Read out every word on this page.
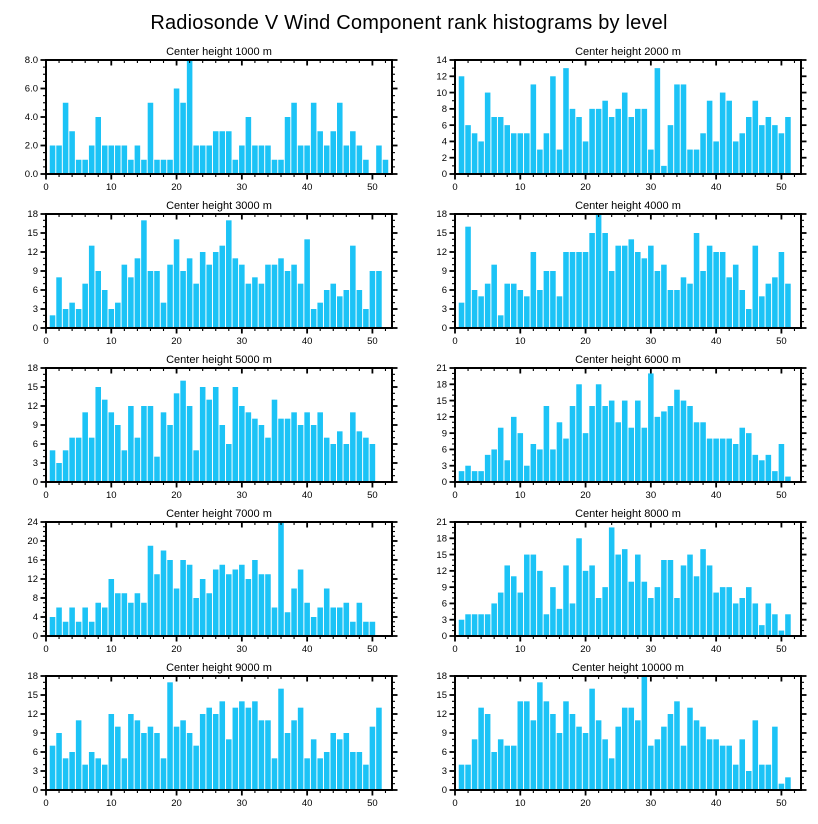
Radiosonde V Wind Component rank histograms by level
Center height 1000 m
0	10	20	30	40	50
0.0
2.0
4.0
6.0
8.0
Center height 2000 m
0	10	20	30	40	50
0
2
4
6
8
10
12
14
Center height 3000 m
0	10	20	30	40	50
0
3
6
9
12
15
18
Center height 4000 m
0	10	20	30	40	50
0
3
6
9
12
15
18
Center height 5000 m
0	10	20	30	40	50
0
3
6
9
12
15
18
Center height 6000 m
0	10	20	30	40	50
0
3
6
9
12
15
18
21
Center height 7000 m
0	10	20	30	40	50
0
4
8
12
16
20
24
Center height 8000 m
0	10	20	30	40	50
0
3
6
9
12
15
18
21
Center height 9000 m
0	10	20	30	40	50
0
3
6
9
12
15
18
Center height 10000 m
0	10	20	30	40	50
0
3
6
9
12
15
18
